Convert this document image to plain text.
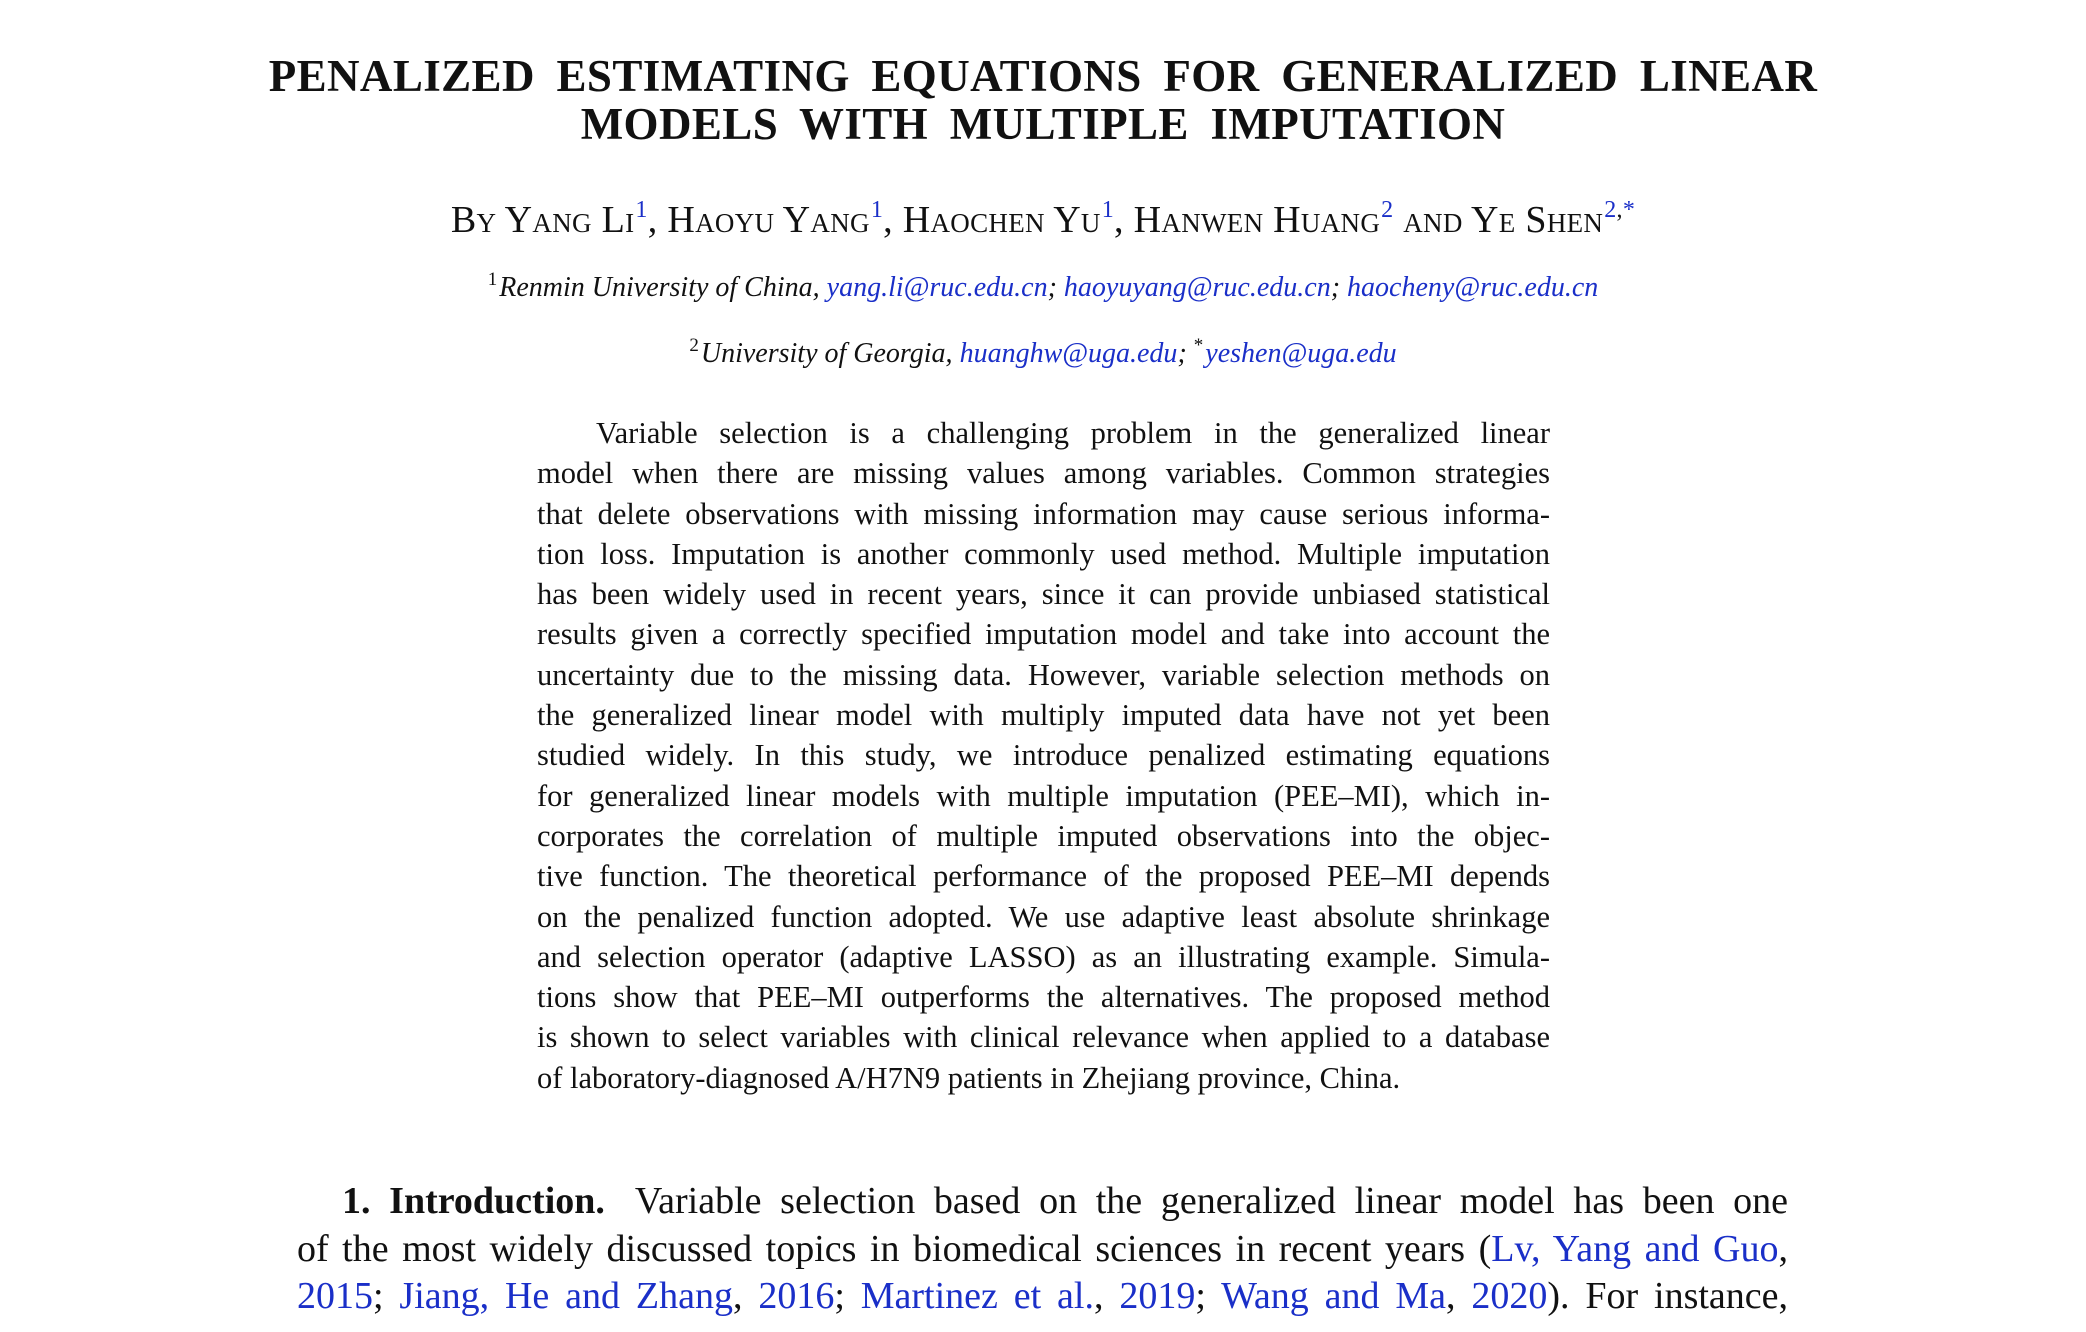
PENALIZED ESTIMATING EQUATIONS FOR GENERALIZED LINEAR
MODELS WITH MULTIPLE IMPUTATION
By Yang Li$^1$, Haoyu Yang$^1$, Haochen Yu$^1$, Hanwen Huang$^2$ and Ye Shen$^{2,*}$
$^1$Renmin University of China, yang.li@ruc.edu.cn; haoyuyang@ruc.edu.cn; haocheny@ruc.edu.cn
$^2$University of Georgia, huanghw@uga.edu; *yeshen@uga.edu
Variable selection is a challenging problem in the generalized linear
model when there are missing values among variables. Common strategies
that delete observations with missing information may cause serious informa-
tion loss. Imputation is another commonly used method. Multiple imputation
has been widely used in recent years, since it can provide unbiased statistical
results given a correctly specified imputation model and take into account the
uncertainty due to the missing data. However, variable selection methods on
the generalized linear model with multiply imputed data have not yet been
studied widely. In this study, we introduce penalized estimating equations
for generalized linear models with multiple imputation (PEE–MI), which in-
corporates the correlation of multiple imputed observations into the objec-
tive function. The theoretical performance of the proposed PEE–MI depends
on the penalized function adopted. We use adaptive least absolute shrinkage
and selection operator (adaptive LASSO) as an illustrating example. Simula-
tions show that PEE–MI outperforms the alternatives. The proposed method
is shown to select variables with clinical relevance when applied to a database
of laboratory-diagnosed A/H7N9 patients in Zhejiang province, China.
1. Introduction. Variable selection based on the generalized linear model has been one
of the most widely discussed topics in biomedical sciences in recent years (Lv, Yang and Guo,
2015; Jiang, He and Zhang, 2016; Martinez et al., 2019; Wang and Ma, 2020). For instance,
